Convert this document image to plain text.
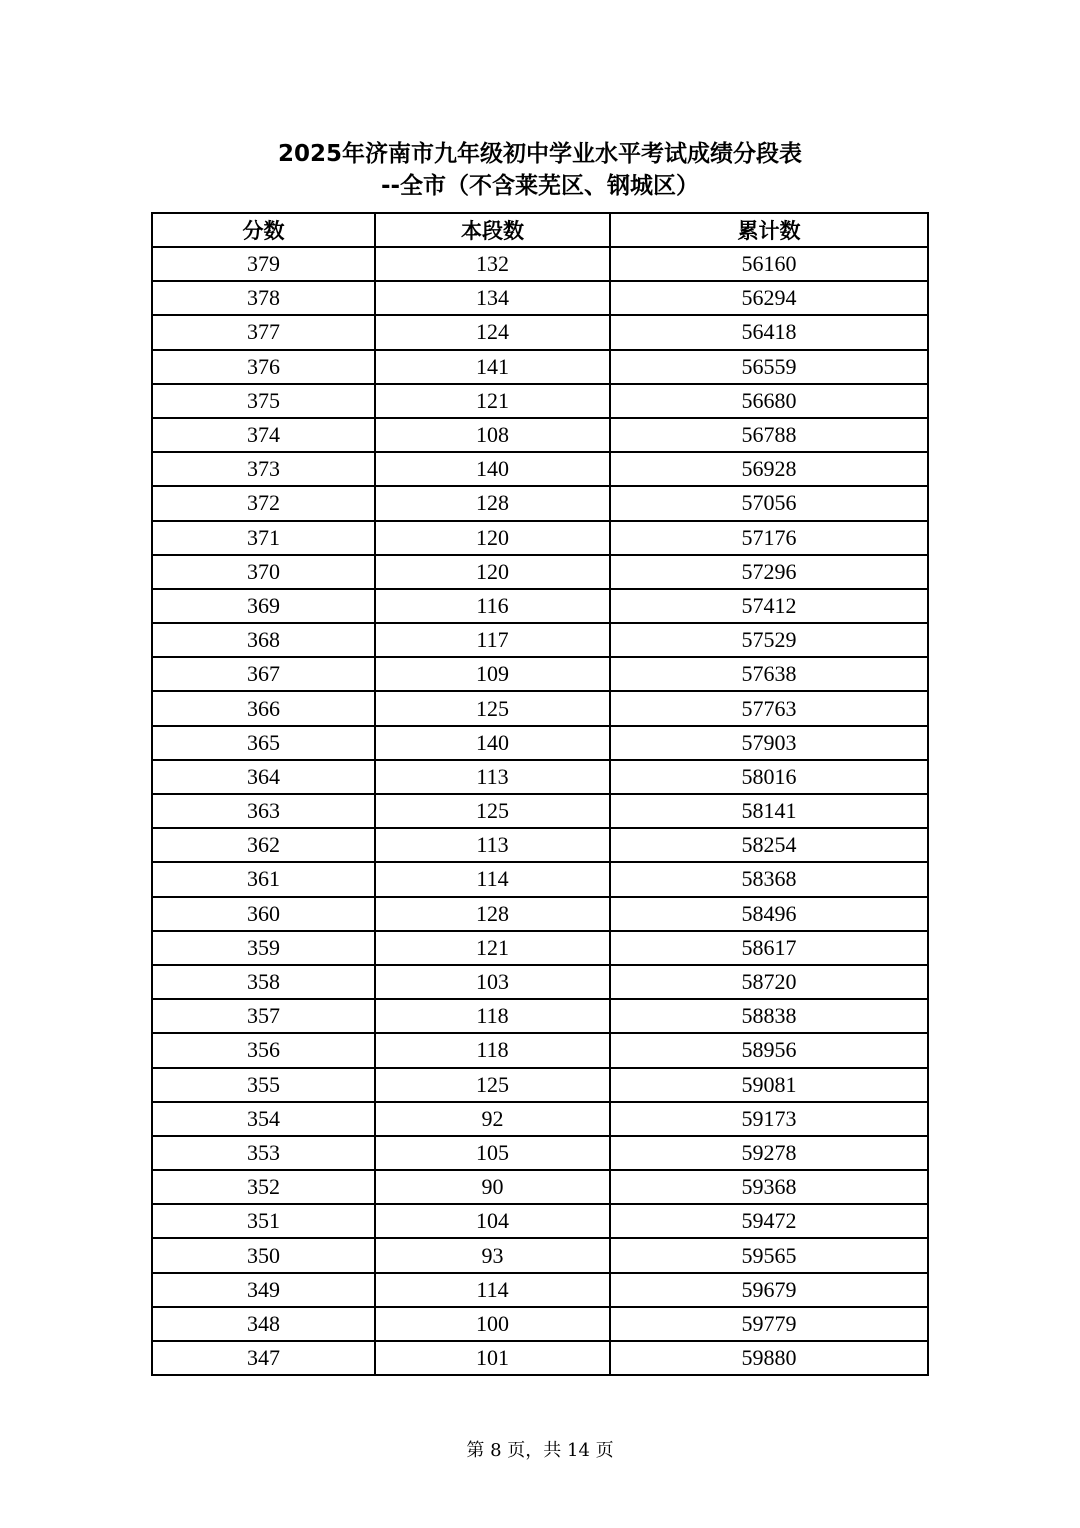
2025年济南市九年级初中学业水平考试成绩分段表
--全市（不含莱芜区、钢城区）
分数	本段数	累计数
379	132	56160
378	134	56294
377	124	56418
376	141	56559
375	121	56680
374	108	56788
373	140	56928
372	128	57056
371	120	57176
370	120	57296
369	116	57412
368	117	57529
367	109	57638
366	125	57763
365	140	57903
364	113	58016
363	125	58141
362	113	58254
361	114	58368
360	128	58496
359	121	58617
358	103	58720
357	118	58838
356	118	58956
355	125	59081
354	92	59173
353	105	59278
352	90	59368
351	104	59472
350	93	59565
349	114	59679
348	100	59779
347	101	59880
第 8 页，共 14 页
